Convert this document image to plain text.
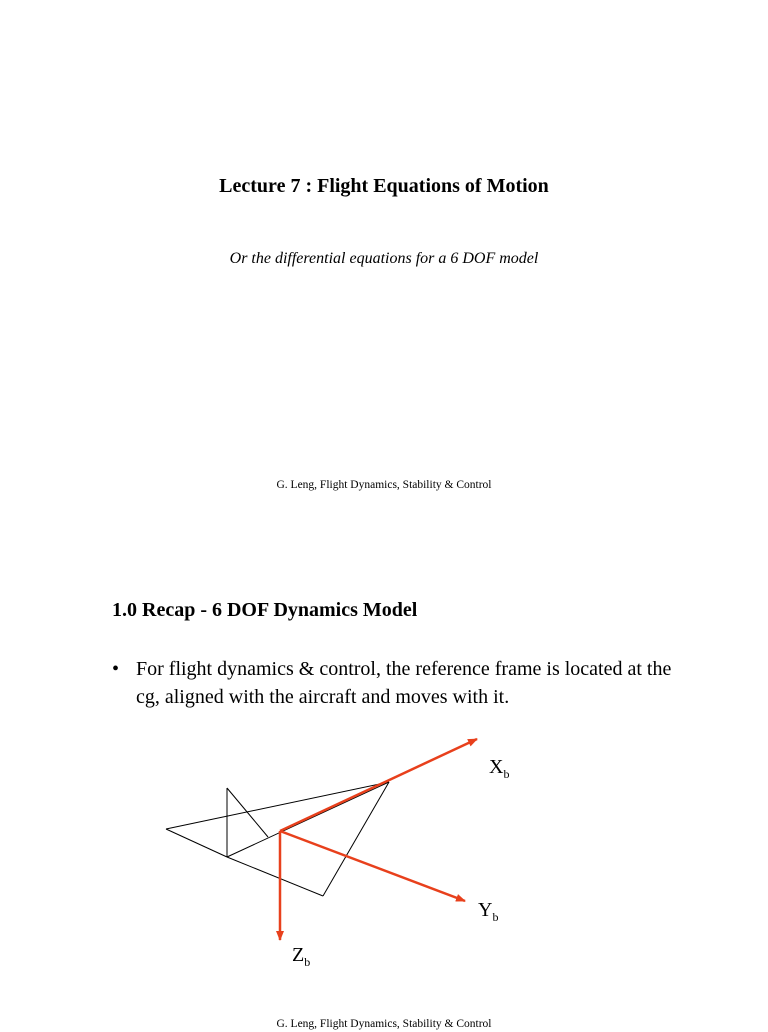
Lecture 7 : Flight Equations of Motion

Or the differential equations for a 6 DOF model

G. Leng, Flight Dynamics, Stability & Control

1.0 Recap - 6 DOF Dynamics Model
• For flight dynamics & control, the reference frame is located at the cg, aligned with the aircraft and moves with it.
$X_b$
$Y_b$
$Z_b$

G. Leng, Flight Dynamics, Stability & Control
